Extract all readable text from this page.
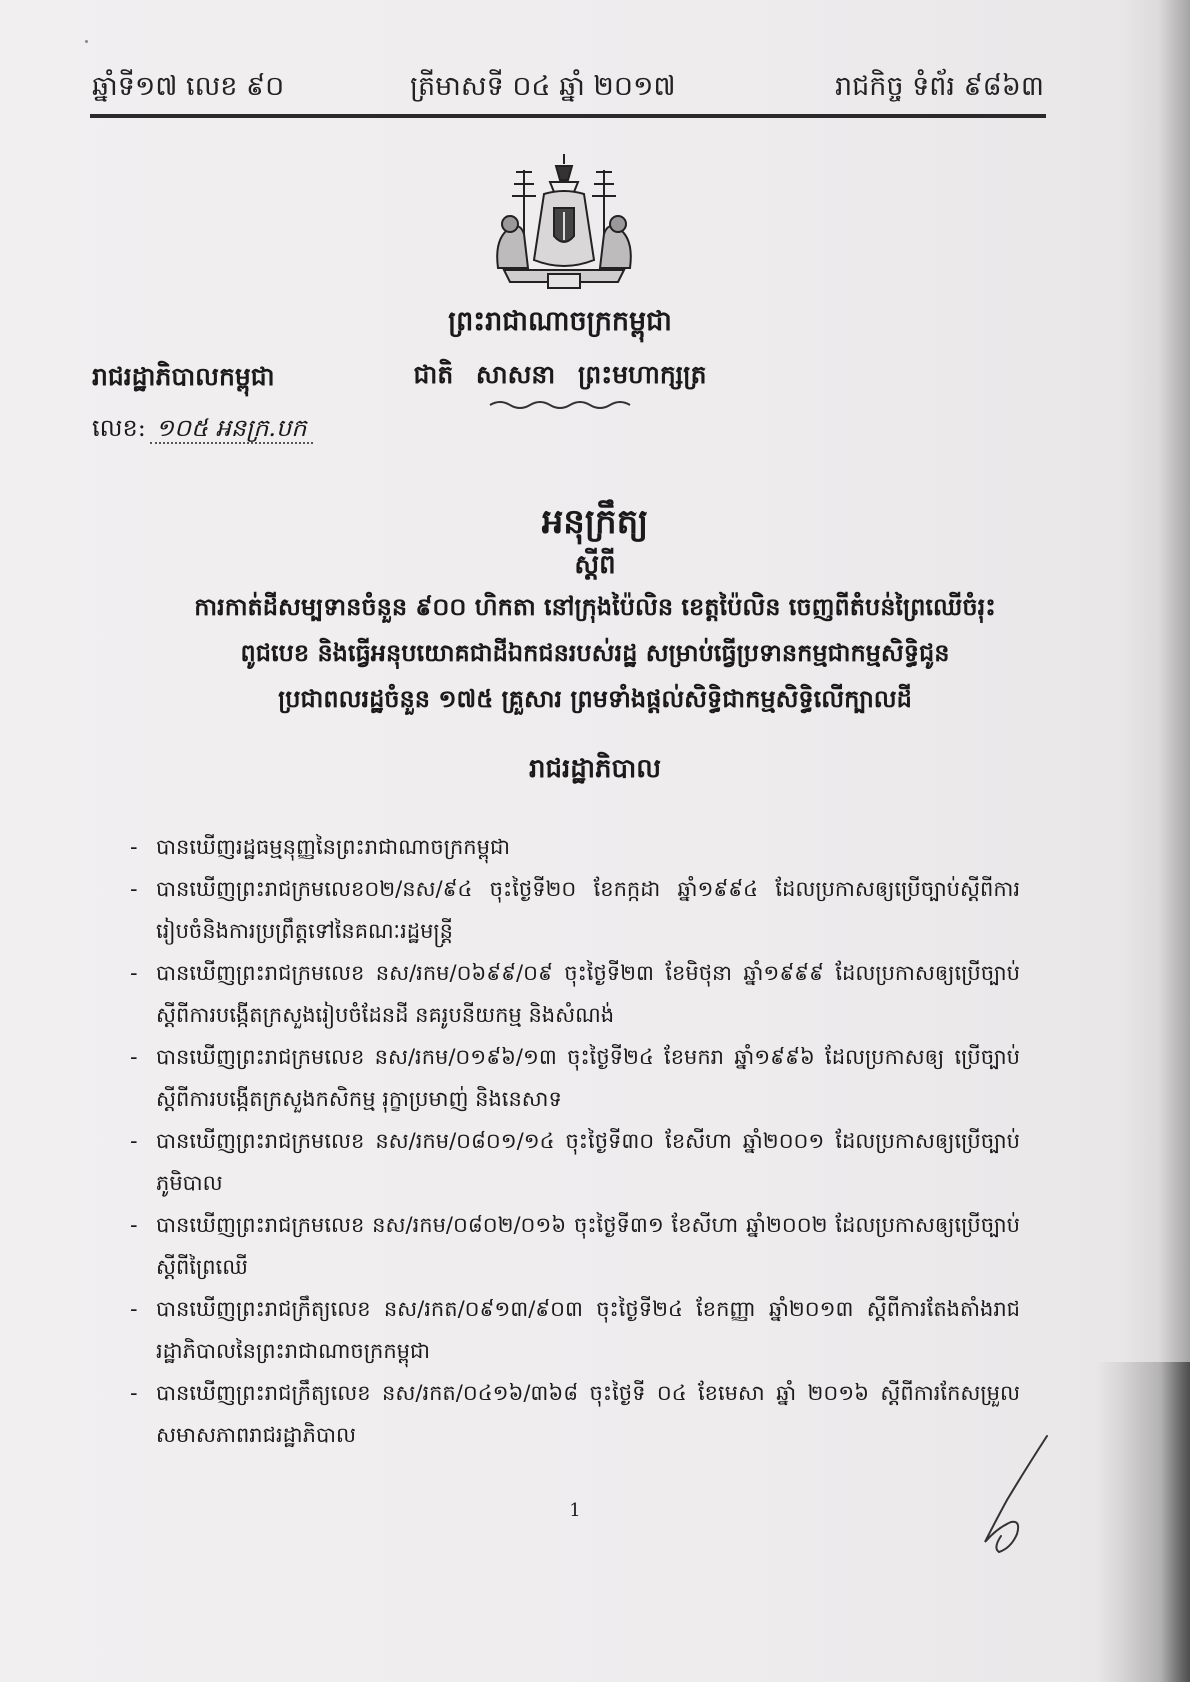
ឆ្នាំទី១៧ លេខ ៩០	ត្រីមាសទី ០៤ ឆ្នាំ ២០១៧	រាជកិច្ច ទំព័រ ៩៨៦៣
ព្រះរាជាណាចក្រកម្ពុជា
ជាតិ សាសនា ព្រះមហាក្សត្រ
រាជរដ្ឋាភិបាលកម្ពុជា
លេខ: ១០៥ អនក្រ.បក
អនុក្រឹត្យ
ស្តីពី
ការកាត់ដីសម្បទានចំនួន ៩០០ ហិកតា នៅក្រុងប៉ៃលិន ខេត្តប៉ៃលិន ចេញពីតំបន់ព្រៃឈើចំរុះ
ពូជបេខ និងធ្វើអនុបយោគជាដីឯកជនរបស់រដ្ឋ សម្រាប់ធ្វើប្រទានកម្មជាកម្មសិទ្ធិជូន
ប្រជាពលរដ្ឋចំនួន ១៧៥ គ្រួសារ ព្រមទាំងផ្តល់សិទ្ធិជាកម្មសិទ្ធិលើក្បាលដី
រាជរដ្ឋាភិបាល
- បានឃើញរដ្ឋធម្មនុញ្ញនៃព្រះរាជាណាចក្រកម្ពុជា
- បានឃើញព្រះរាជក្រមលេខ០២/នស/៩៤ ចុះថ្ងៃទី២០ ខែកក្កដា ឆ្នាំ១៩៩៤ ដែលប្រកាសឲ្យប្រើច្បាប់ស្តីពីការរៀបចំនិងការប្រព្រឹត្តទៅនៃគណៈរដ្ឋមន្ត្រី
- បានឃើញព្រះរាជក្រមលេខ នស/រកម/០៦៩៩/០៩ ចុះថ្ងៃទី២៣ ខែមិថុនា ឆ្នាំ១៩៩៩ ដែលប្រកាសឲ្យប្រើច្បាប់ស្តីពីការបង្កើតក្រសួងរៀបចំដែនដី នគរូបនីយកម្ម និងសំណង់
- បានឃើញព្រះរាជក្រមលេខ នស/រកម/០១៩៦/១៣ ចុះថ្ងៃទី២៤ ខែមករា ឆ្នាំ១៩៩៦ ដែលប្រកាសឲ្យ ប្រើច្បាប់ ស្តីពីការបង្កើតក្រសួងកសិកម្ម រុក្ខាប្រមាញ់ និងនេសាទ
- បានឃើញព្រះរាជក្រមលេខ នស/រកម/០៨០១/១៤ ចុះថ្ងៃទី៣០ ខែសីហា ឆ្នាំ២០០១ ដែលប្រកាសឲ្យប្រើច្បាប់ភូមិបាល
- បានឃើញព្រះរាជក្រមលេខ នស/រកម/០៨០២/០១៦ ចុះថ្ងៃទី៣១ ខែសីហា ឆ្នាំ២០០២ ដែលប្រកាសឲ្យប្រើច្បាប់ស្តីពីព្រៃឈើ
- បានឃើញព្រះរាជក្រឹត្យលេខ នស/រកត/០៩១៣/៩០៣ ចុះថ្ងៃទី២៤ ខែកញ្ញា ឆ្នាំ២០១៣ ស្តីពីការតែងតាំងរាជរដ្ឋាភិបាលនៃព្រះរាជាណាចក្រកម្ពុជា
- បានឃើញព្រះរាជក្រឹត្យលេខ នស/រកត/០៤១៦/៣៦៨ ចុះថ្ងៃទី ០៤ ខែមេសា ឆ្នាំ ២០១៦ ស្តីពីការកែសម្រួលសមាសភាពរាជរដ្ឋាភិបាល
1
